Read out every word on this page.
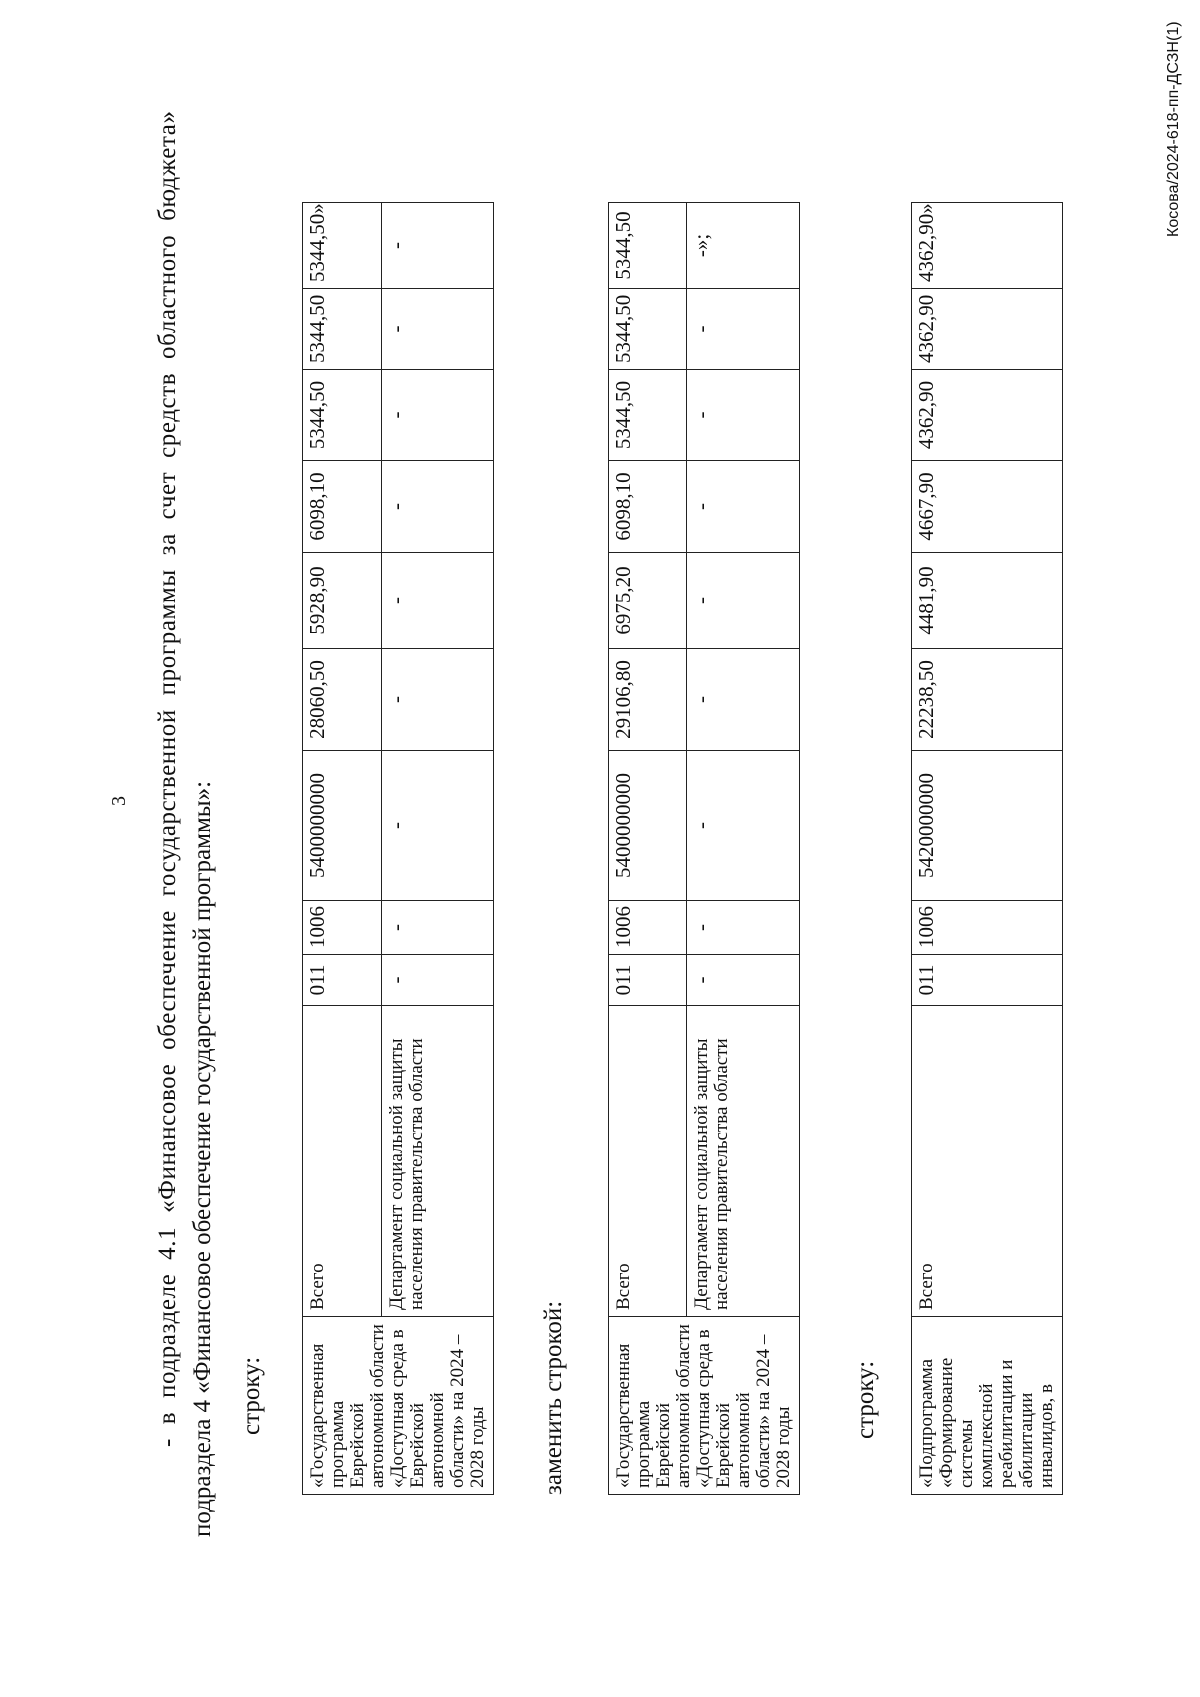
3 - в подразделе 4.1 «Финансовое обеспечение государственной программы за счет средств областного бюджета» подраздела 4 «Финансовое обеспечение государственной программы»: строку: «Государственная программа Еврейской автономной области «Доступная среда в Еврейской автономной области» на 2024 – 2028 годы	Всего	011	1006	5400000000	28060,50	5928,90	6098,10	5344,50	5344,50	5344,50»
	Департамент социальной защиты населения правительства области	-	-	-	-	-	-	-	-	-
заменить строкой: «Государственная программа Еврейской автономной области «Доступная среда в Еврейской автономной области» на 2024 – 2028 годы	Всего	011	1006	5400000000	29106,80	6975,20	6098,10	5344,50	5344,50	5344,50
	Департамент социальной защиты населения правительства области	-	-	-	-	-	-	-	-	-»;
строку: «Подпрограмма «Формирование системы комплексной реабилитации и абилитации инвалидов, в	Всего	011	1006	5420000000	22238,50	4481,90	4667,90	4362,90	4362,90	4362,90»
Косова/2024-618-пп-ДСЗН(1)
